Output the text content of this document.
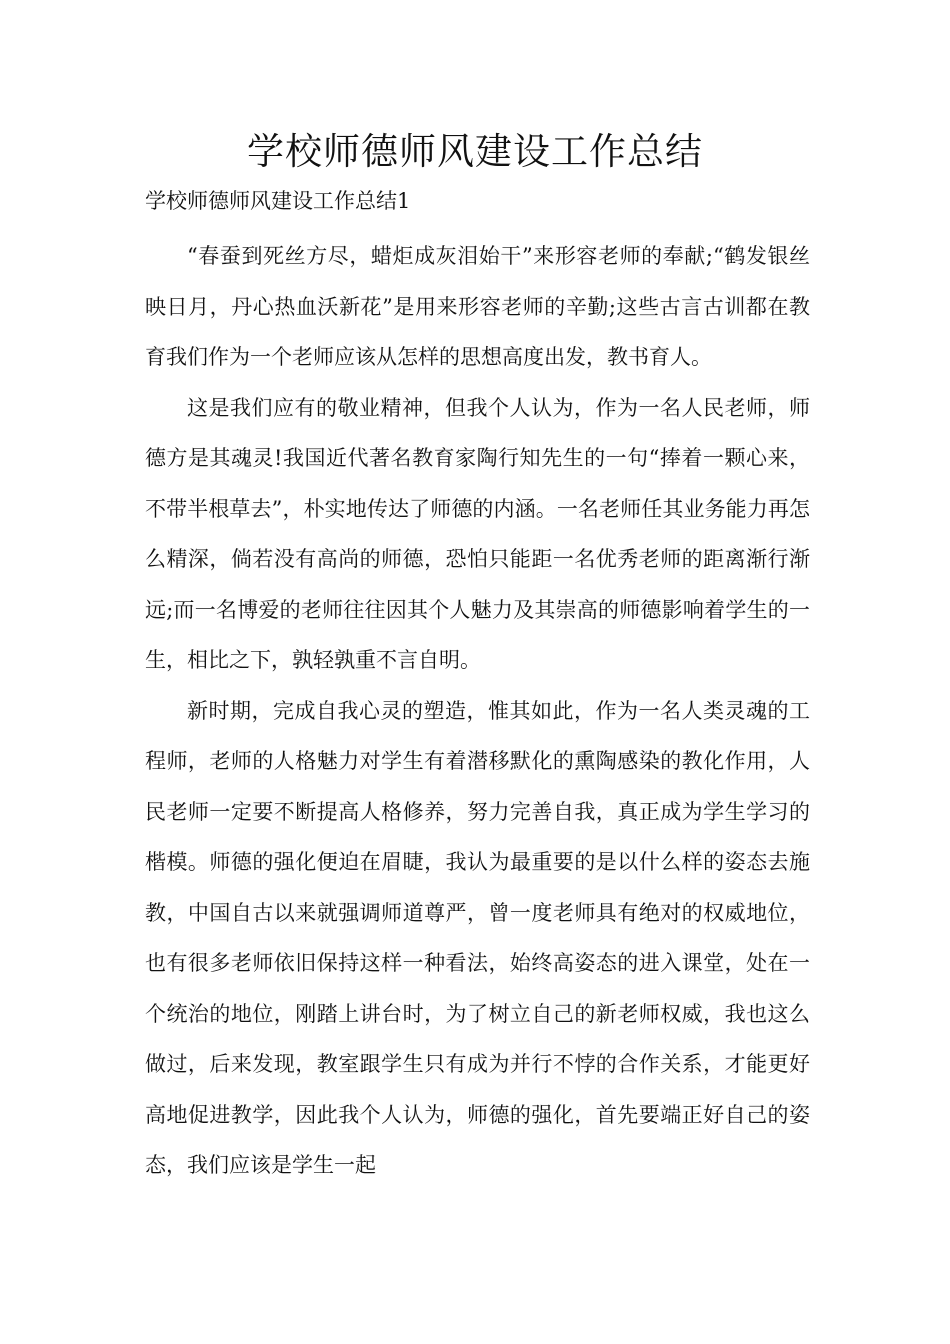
学校师德师风建设工作总结

学校师德师风建设工作总结1

“春蚕到死丝方尽，蜡炬成灰泪始干”来形容老师的奉献;“鹤发银丝映日月，丹心热血沃新花”是用来形容老师的辛勤;这些古言古训都在教育我们作为一个老师应该从怎样的思想高度出发，教书育人。

这是我们应有的敬业精神，但我个人认为，作为一名人民老师，师德方是其魂灵!我国近代著名教育家陶行知先生的一句“捧着一颗心来，不带半根草去”，朴实地传达了师德的内涵。一名老师任其业务能力再怎么精深，倘若没有高尚的师德，恐怕只能距一名优秀老师的距离渐行渐远;而一名博爱的老师往往因其个人魅力及其崇高的师德影响着学生的一生，相比之下，孰轻孰重不言自明。

新时期，完成自我心灵的塑造，惟其如此，作为一名人类灵魂的工程师，老师的人格魅力对学生有着潜移默化的熏陶感染的教化作用，人民老师一定要不断提高人格修养，努力完善自我，真正成为学生学习的楷模。师德的强化便迫在眉睫，我认为最重要的是以什么样的姿态去施教，中国自古以来就强调师道尊严，曾一度老师具有绝对的权威地位，也有很多老师依旧保持这样一种看法，始终高姿态的进入课堂，处在一个统治的地位，刚踏上讲台时，为了树立自己的新老师权威，我也这么做过，后来发现，教室跟学生只有成为并行不悖的合作关系，才能更好高地促进教学，因此我个人认为，师德的强化，首先要端正好自己的姿态，我们应该是学生一起
